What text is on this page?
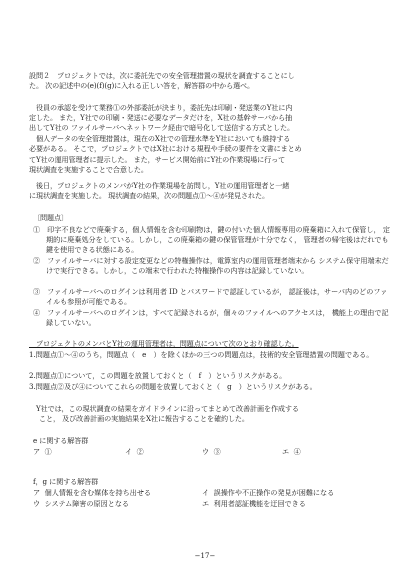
設問２　プロジェクトでは，次に委託先での安全管理措置の現状を調査することにし
た。 次の記述中の(e)(f)(g)に入れる正しい答を，解答群の中から選べ。
　役員の承認を受けて業務①の外部委託が決まり，委託先は印刷・発送業のY社に内
定した。 また，Y社での印刷・発送に必要なデータだけを，X社の基幹サーバから抽
出してY社の ファイルサーバへネットワーク経由で暗号化して送信する方式とした。
　個人データの安全管理措置は，現在のX社での管理水準をY社においても維持する
必要がある。 そこで，プロジェクトではX社における規程や手続の要件を文書にまとめ
てY社の運用管理者に提示した。 また，サービス開始前にY社の作業現場に行って
現状調査を実施することで合意した。
　後日，プロジェクトのメンバがY社の作業現場を訪問し，Y社の運用管理者と一緒
に現状調査を実施した。 現状調査の結果，次の問題点①〜④が発見された。
〔問題点〕
①　印字不良などで廃棄する，個人情報を含む印刷物は，鍵の付いた個人情報専用の廃棄箱に入れて保管し， 定期的に廃棄処分をしている。しかし，この廃棄箱の鍵の保管管理が十分でなく， 管理者の帰宅後はだれでも鍵を使用できる状態にある。
②　ファイルサーバに対する設定変更などの特権操作は，電算室内の運用管理者端末から システム保守用端末だけで実行できる。しかし，この端末で行われた特権操作の内容は記録していない。
③　ファイルサーバへのログインは利用者 ID とパスワードで認証しているが， 認証後は，サーバ内のどのファイルも参照が可能である。
④　ファイルサーバへのログインは，すべて記録されるが，個々のファイルへのアクセスは， 機能上の理由で記録していない。
　プロジェクトのメンバとY社の運用管理者は，問題点について次のとおり確認した。
1.問題点①〜④のうち，問題点（　e　）を除くほかの三つの問題点は，技術的安全管理措置の問題である。
2.問題点①について，この問題を放置しておくと（　f　）というリスクがある。
3.問題点②及び④についてこれらの問題を放置しておくと（　g　）というリスクがある。
　Y社では，この現状調査の結果をガイドラインに沿ってまとめて改善計画を作成する
こと， 及び改善計画の実施結果をX社に報告することを確約した。
e に関する解答群
ア ①	イ ②	ウ ③	エ ④
f，g に関する解答群
ア 個人情報を含む媒体を持ち出せる	イ 誤操作や不正操作の発見が困難になる
ウ システム障害の原因となる	エ 利用者認証機能を迂回できる
−17−
